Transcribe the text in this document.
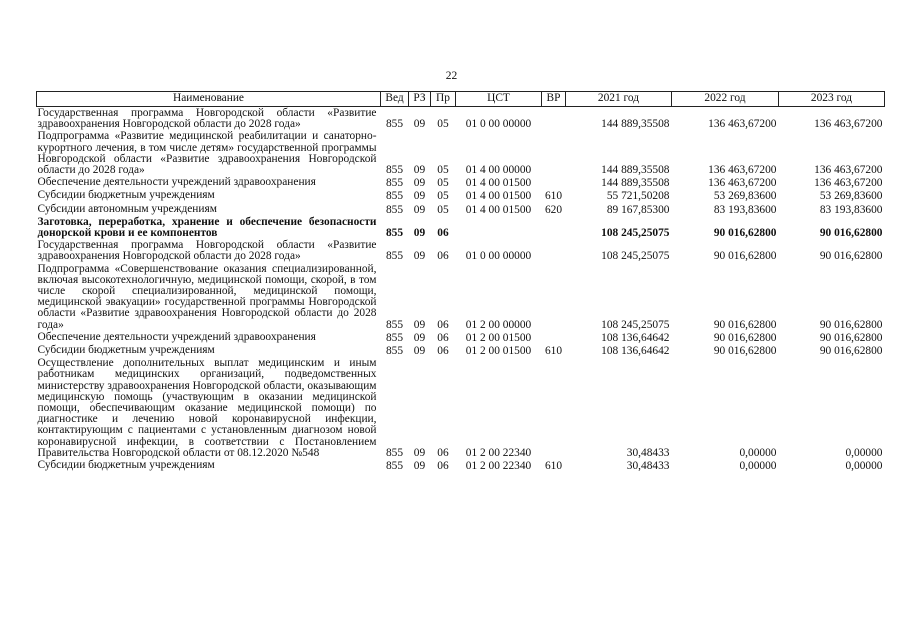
22
Наименование	Вед	РЗ	Пр	ЦСТ	ВР	2021 год	2022 год	2023 год
Государственная программа Новгородской области «Развитие здравоохранения Новгородской области до 2028 года»	855	09	05	01 0 00 00000		144 889,35508	136 463,67200	136 463,67200
Подпрограмма «Развитие медицинской реабилитации и санаторно-курортного лечения, в том числе детям» государственной программы Новгородской области «Развитие здравоохранения Новгородской области до 2028 года»	855	09	05	01 4 00 00000		144 889,35508	136 463,67200	136 463,67200
Обеспечение деятельности учреждений здравоохранения	855	09	05	01 4 00 01500		144 889,35508	136 463,67200	136 463,67200
Субсидии бюджетным учреждениям	855	09	05	01 4 00 01500	610	55 721,50208	53 269,83600	53 269,83600
Субсидии автономным учреждениям	855	09	05	01 4 00 01500	620	89 167,85300	83 193,83600	83 193,83600
Заготовка, переработка, хранение и обеспечение безопасности донорской крови и ее компонентов	855	09	06			108 245,25075	90 016,62800	90 016,62800
Государственная программа Новгородской области «Развитие здравоохранения Новгородской области до 2028 года»	855	09	06	01 0 00 00000		108 245,25075	90 016,62800	90 016,62800
Подпрограмма «Совершенствование оказания специализированной, включая высокотехнологичную, медицинской помощи, скорой, в том числе скорой специализированной, медицинской помощи, медицинской эвакуации» государственной программы Новгородской области «Развитие здравоохранения Новгородской области до 2028 года»	855	09	06	01 2 00 00000		108 245,25075	90 016,62800	90 016,62800
Обеспечение деятельности учреждений здравоохранения	855	09	06	01 2 00 01500		108 136,64642	90 016,62800	90 016,62800
Субсидии бюджетным учреждениям	855	09	06	01 2 00 01500	610	108 136,64642	90 016,62800	90 016,62800
Осуществление дополнительных выплат медицинским и иным работникам медицинских организаций, подведомственных министерству здравоохранения Новгородской области, оказывающим медицинскую помощь (участвующим в оказании медицинской помощи, обеспечивающим оказание медицинской помощи) по диагностике и лечению новой коронавирусной инфекции, контактирующим с пациентами с установленным диагнозом новой коронавирусной инфекции, в соответствии с Постановлением Правительства Новгородской области от 08.12.2020 №548	855	09	06	01 2 00 22340		30,48433	0,00000	0,00000
Субсидии бюджетным учреждениям	855	09	06	01 2 00 22340	610	30,48433	0,00000	0,00000
